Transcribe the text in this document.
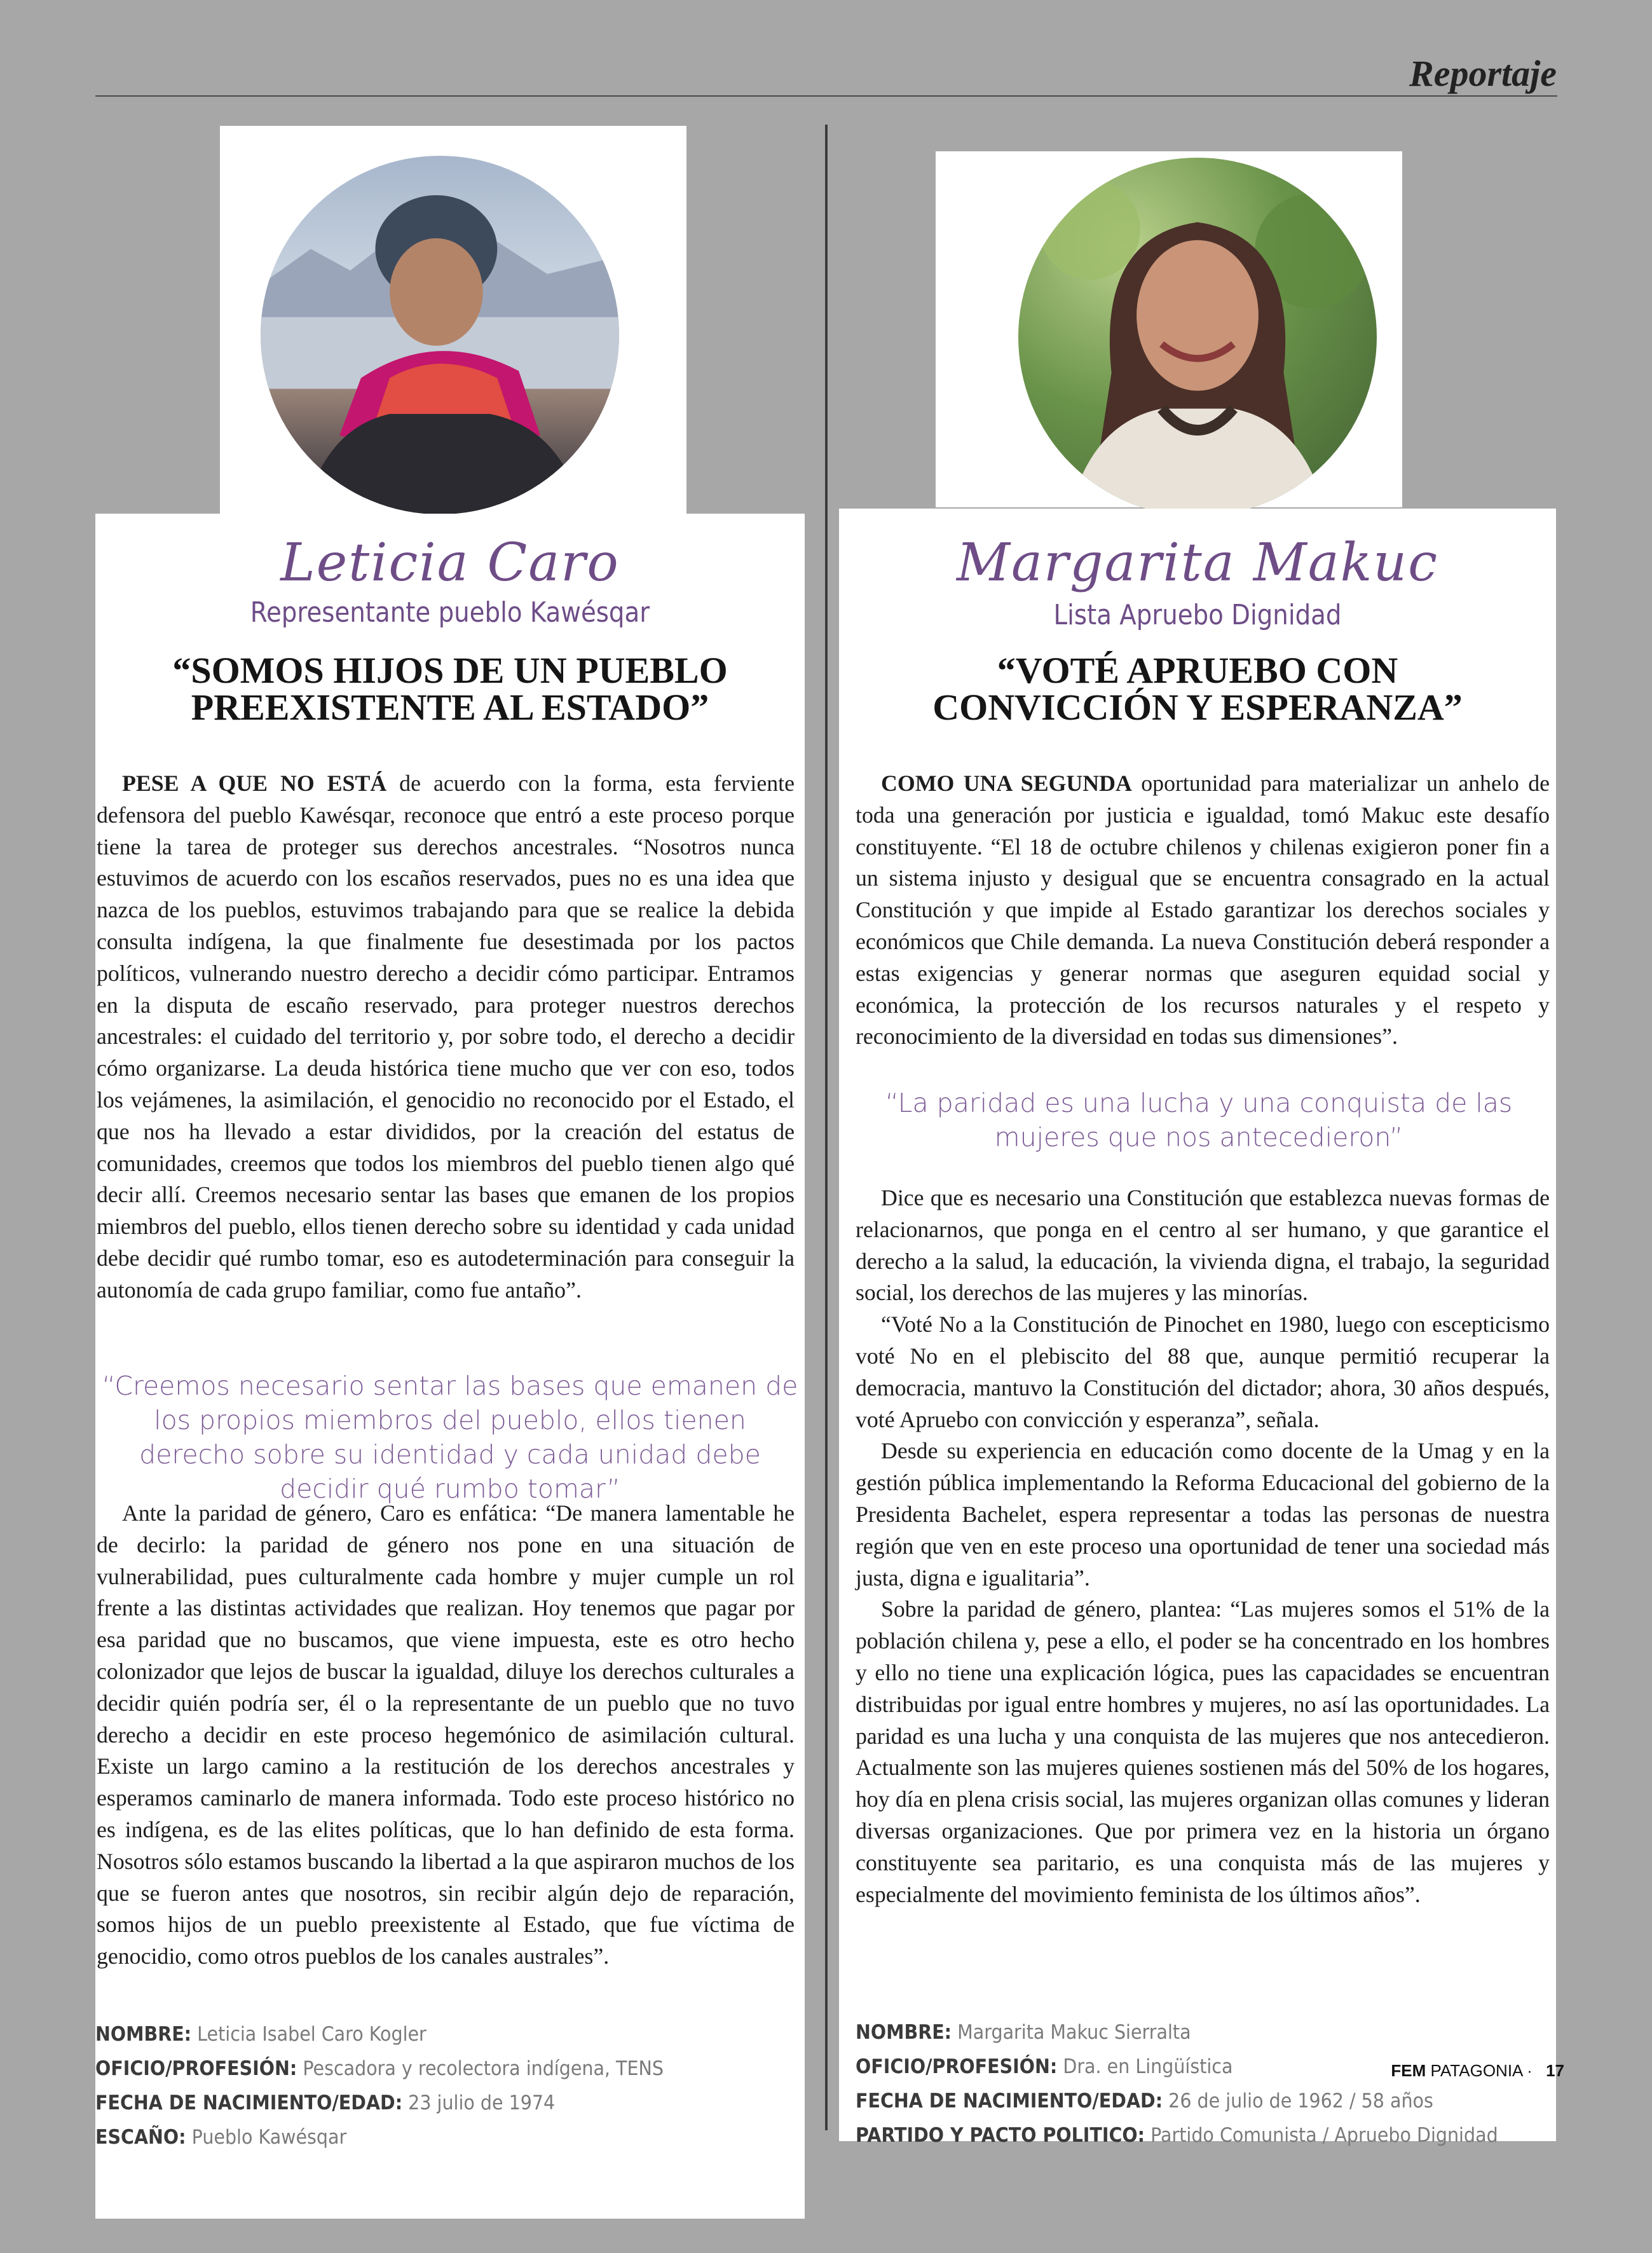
Reportaje
Leticia Caro
Representante pueblo Kawésqar
“SOMOS HIJOS DE UN PUEBLO
PREEXISTENTE AL ESTADO”

PESE A QUE NO ESTÁ de acuerdo con la forma, esta ferviente defensora del pueblo Kawésqar, reconoce que entró a este proceso porque tiene la tarea de proteger sus derechos ancestrales. “Nosotros nunca estuvimos de acuerdo con los escaños reservados, pues no es una idea que nazca de los pueblos, estuvimos trabajando para que se realice la debida consulta indígena, la que finalmente fue desestimada por los pactos políticos, vulnerando nuestro derecho a decidir cómo participar. Entramos en la disputa de escaño reservado, para proteger nuestros derechos ancestrales: el cuidado del territorio y, por sobre todo, el derecho a decidir cómo organizarse. La deuda histórica tiene mucho que ver con eso, todos los vejámenes, la asimilación, el genocidio no reconocido por el Estado, el que nos ha llevado a estar divididos, por la creación del estatus de comunidades, creemos que todos los miembros del pueblo tienen algo qué decir allí. Creemos necesario sentar las bases que emanen de los propios miembros del pueblo, ellos tienen derecho sobre su identidad y cada unidad debe decidir qué rumbo tomar, eso es autodeterminación para conseguir la autonomía de cada grupo familiar, como fue antaño”.

“Creemos necesario sentar las bases que emanen de los propios miembros del pueblo, ellos tienen derecho sobre su identidad y cada unidad debe decidir qué rumbo tomar”

Ante la paridad de género, Caro es enfática: “De manera lamentable he de decirlo: la paridad de género nos pone en una situación de vulnerabilidad, pues culturalmente cada hombre y mujer cumple un rol frente a las distintas actividades que realizan. Hoy tenemos que pagar por esa paridad que no buscamos, que viene impuesta, este es otro hecho colonizador que lejos de buscar la igualdad, diluye los derechos culturales a decidir quién podría ser, él o la representante de un pueblo que no tuvo derecho a decidir en este proceso hegemónico de asimilación cultural. Existe un largo camino a la restitución de los derechos ancestrales y esperamos caminarlo de manera informada. Todo este proceso histórico no es indígena, es de las elites políticas, que lo han definido de esta forma. Nosotros sólo estamos buscando la libertad a la que aspiraron muchos de los que se fueron antes que nosotros, sin recibir algún dejo de reparación, somos hijos de un pueblo preexistente al Estado, que fue víctima de genocidio, como otros pueblos de los canales australes”.

NOMBRE: Leticia Isabel Caro Kogler
OFICIO/PROFESIÓN: Pescadora y recolectora indígena, TENS
FECHA DE NACIMIENTO/EDAD: 23 julio de 1974
ESCAÑO: Pueblo Kawésqar
Margarita Makuc
Lista Apruebo Dignidad
“VOTÉ APRUEBO CON
CONVICCIÓN Y ESPERANZA”

COMO UNA SEGUNDA oportunidad para materializar un anhelo de toda una generación por justicia e igualdad, tomó Makuc este desafío constituyente. “El 18 de octubre chilenos y chilenas exigieron poner fin a un sistema injusto y desigual que se encuentra consagrado en la actual Constitución y que impide al Estado garantizar los derechos sociales y económicos que Chile demanda. La nueva Constitución deberá responder a estas exigencias y generar normas que aseguren equidad social y económica, la protección de los recursos naturales y el respeto y reconocimiento de la diversidad en todas sus dimensiones”.

“La paridad es una lucha y una conquista de las mujeres que nos antecedieron”

Dice que es necesario una Constitución que establezca nuevas formas de relacionarnos, que ponga en el centro al ser humano, y que garantice el derecho a la salud, la educación, la vivienda digna, el trabajo, la seguridad social, los derechos de las mujeres y las minorías.

“Voté No a la Constitución de Pinochet en 1980, luego con escepticismo voté No en el plebiscito del 88 que, aunque permitió recuperar la democracia, mantuvo la Constitución del dictador; ahora, 30 años después, voté Apruebo con convicción y esperanza”, señala.

Desde su experiencia en educación como docente de la Umag y en la gestión pública implementando la Reforma Educacional del gobierno de la Presidenta Bachelet, espera representar a todas las personas de nuestra región que ven en este proceso una oportunidad de tener una sociedad más justa, digna e igualitaria”.

Sobre la paridad de género, plantea: “Las mujeres somos el 51% de la población chilena y, pese a ello, el poder se ha concentrado en los hombres y ello no tiene una explicación lógica, pues las capacidades se encuentran distribuidas por igual entre hombres y mujeres, no así las oportunidades. La paridad es una lucha y una conquista de las mujeres que nos antecedieron. Actualmente son las mujeres quienes sostienen más del 50% de los hogares, hoy día en plena crisis social, las mujeres organizan ollas comunes y lideran diversas organizaciones. Que por primera vez en la historia un órgano constituyente sea paritario, es una conquista más de las mujeres y especialmente del movimiento feminista de los últimos años”.

NOMBRE: Margarita Makuc Sierralta
OFICIO/PROFESIÓN: Dra. en Lingüística
FECHA DE NACIMIENTO/EDAD: 26 de julio de 1962 / 58 años
PARTIDO Y PACTO POLITICO: Partido Comunista / Apruebo Dignidad
FEM PATAGONIA · 17
